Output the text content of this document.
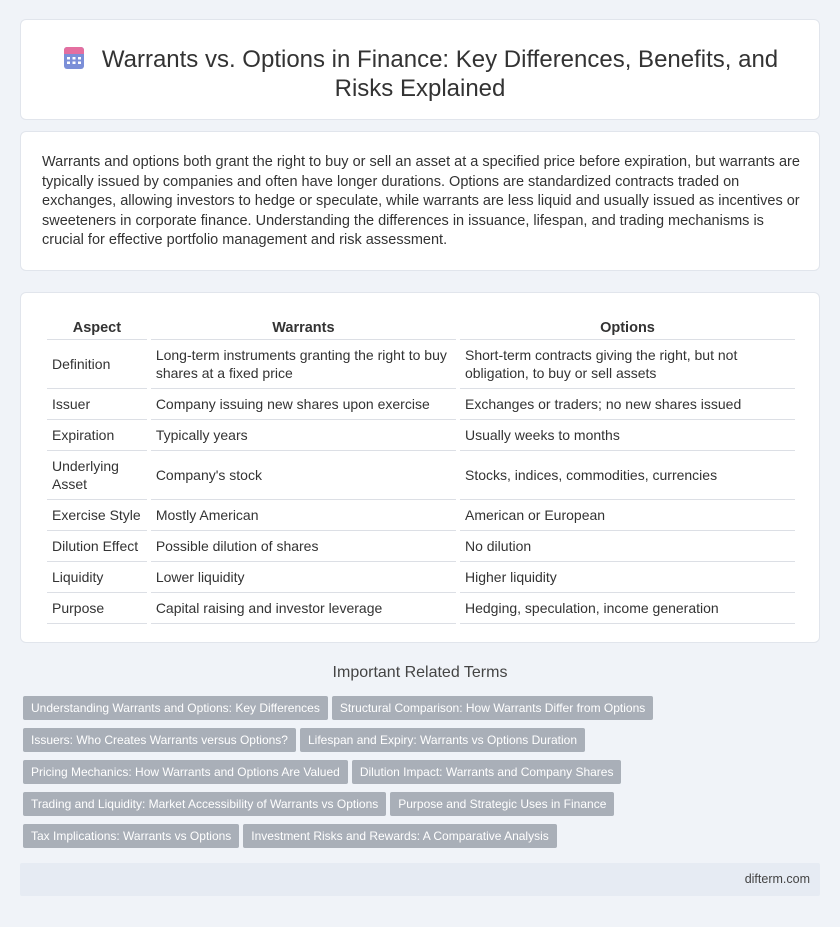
Warrants vs. Options in Finance: Key Differences, Benefits, and Risks Explained

Warrants and options both grant the right to buy or sell an asset at a specified price before expiration, but warrants are typically issued by companies and often have longer durations. Options are standardized contracts traded on exchanges, allowing investors to hedge or speculate, while warrants are less liquid and usually issued as incentives or sweeteners in corporate finance. Understanding the differences in issuance, lifespan, and trading mechanisms is crucial for effective portfolio management and risk assessment.

Aspect	Warrants	Options
Definition	Long-term instruments granting the right to buy shares at a fixed price	Short-term contracts giving the right, but not obligation, to buy or sell assets
Issuer	Company issuing new shares upon exercise	Exchanges or traders; no new shares issued
Expiration	Typically years	Usually weeks to months
Underlying Asset	Company's stock	Stocks, indices, commodities, currencies
Exercise Style	Mostly American	American or European
Dilution Effect	Possible dilution of shares	No dilution
Liquidity	Lower liquidity	Higher liquidity
Purpose	Capital raising and investor leverage	Hedging, speculation, income generation
Important Related Terms
Understanding Warrants and Options: Key Differences Structural Comparison: How Warrants Differ from Options
Issuers: Who Creates Warrants versus Options? Lifespan and Expiry: Warrants vs Options Duration
Pricing Mechanics: How Warrants and Options Are Valued Dilution Impact: Warrants and Company Shares
Trading and Liquidity: Market Accessibility of Warrants vs Options Purpose and Strategic Uses in Finance
Tax Implications: Warrants vs Options Investment Risks and Rewards: A Comparative Analysis
difterm.com
